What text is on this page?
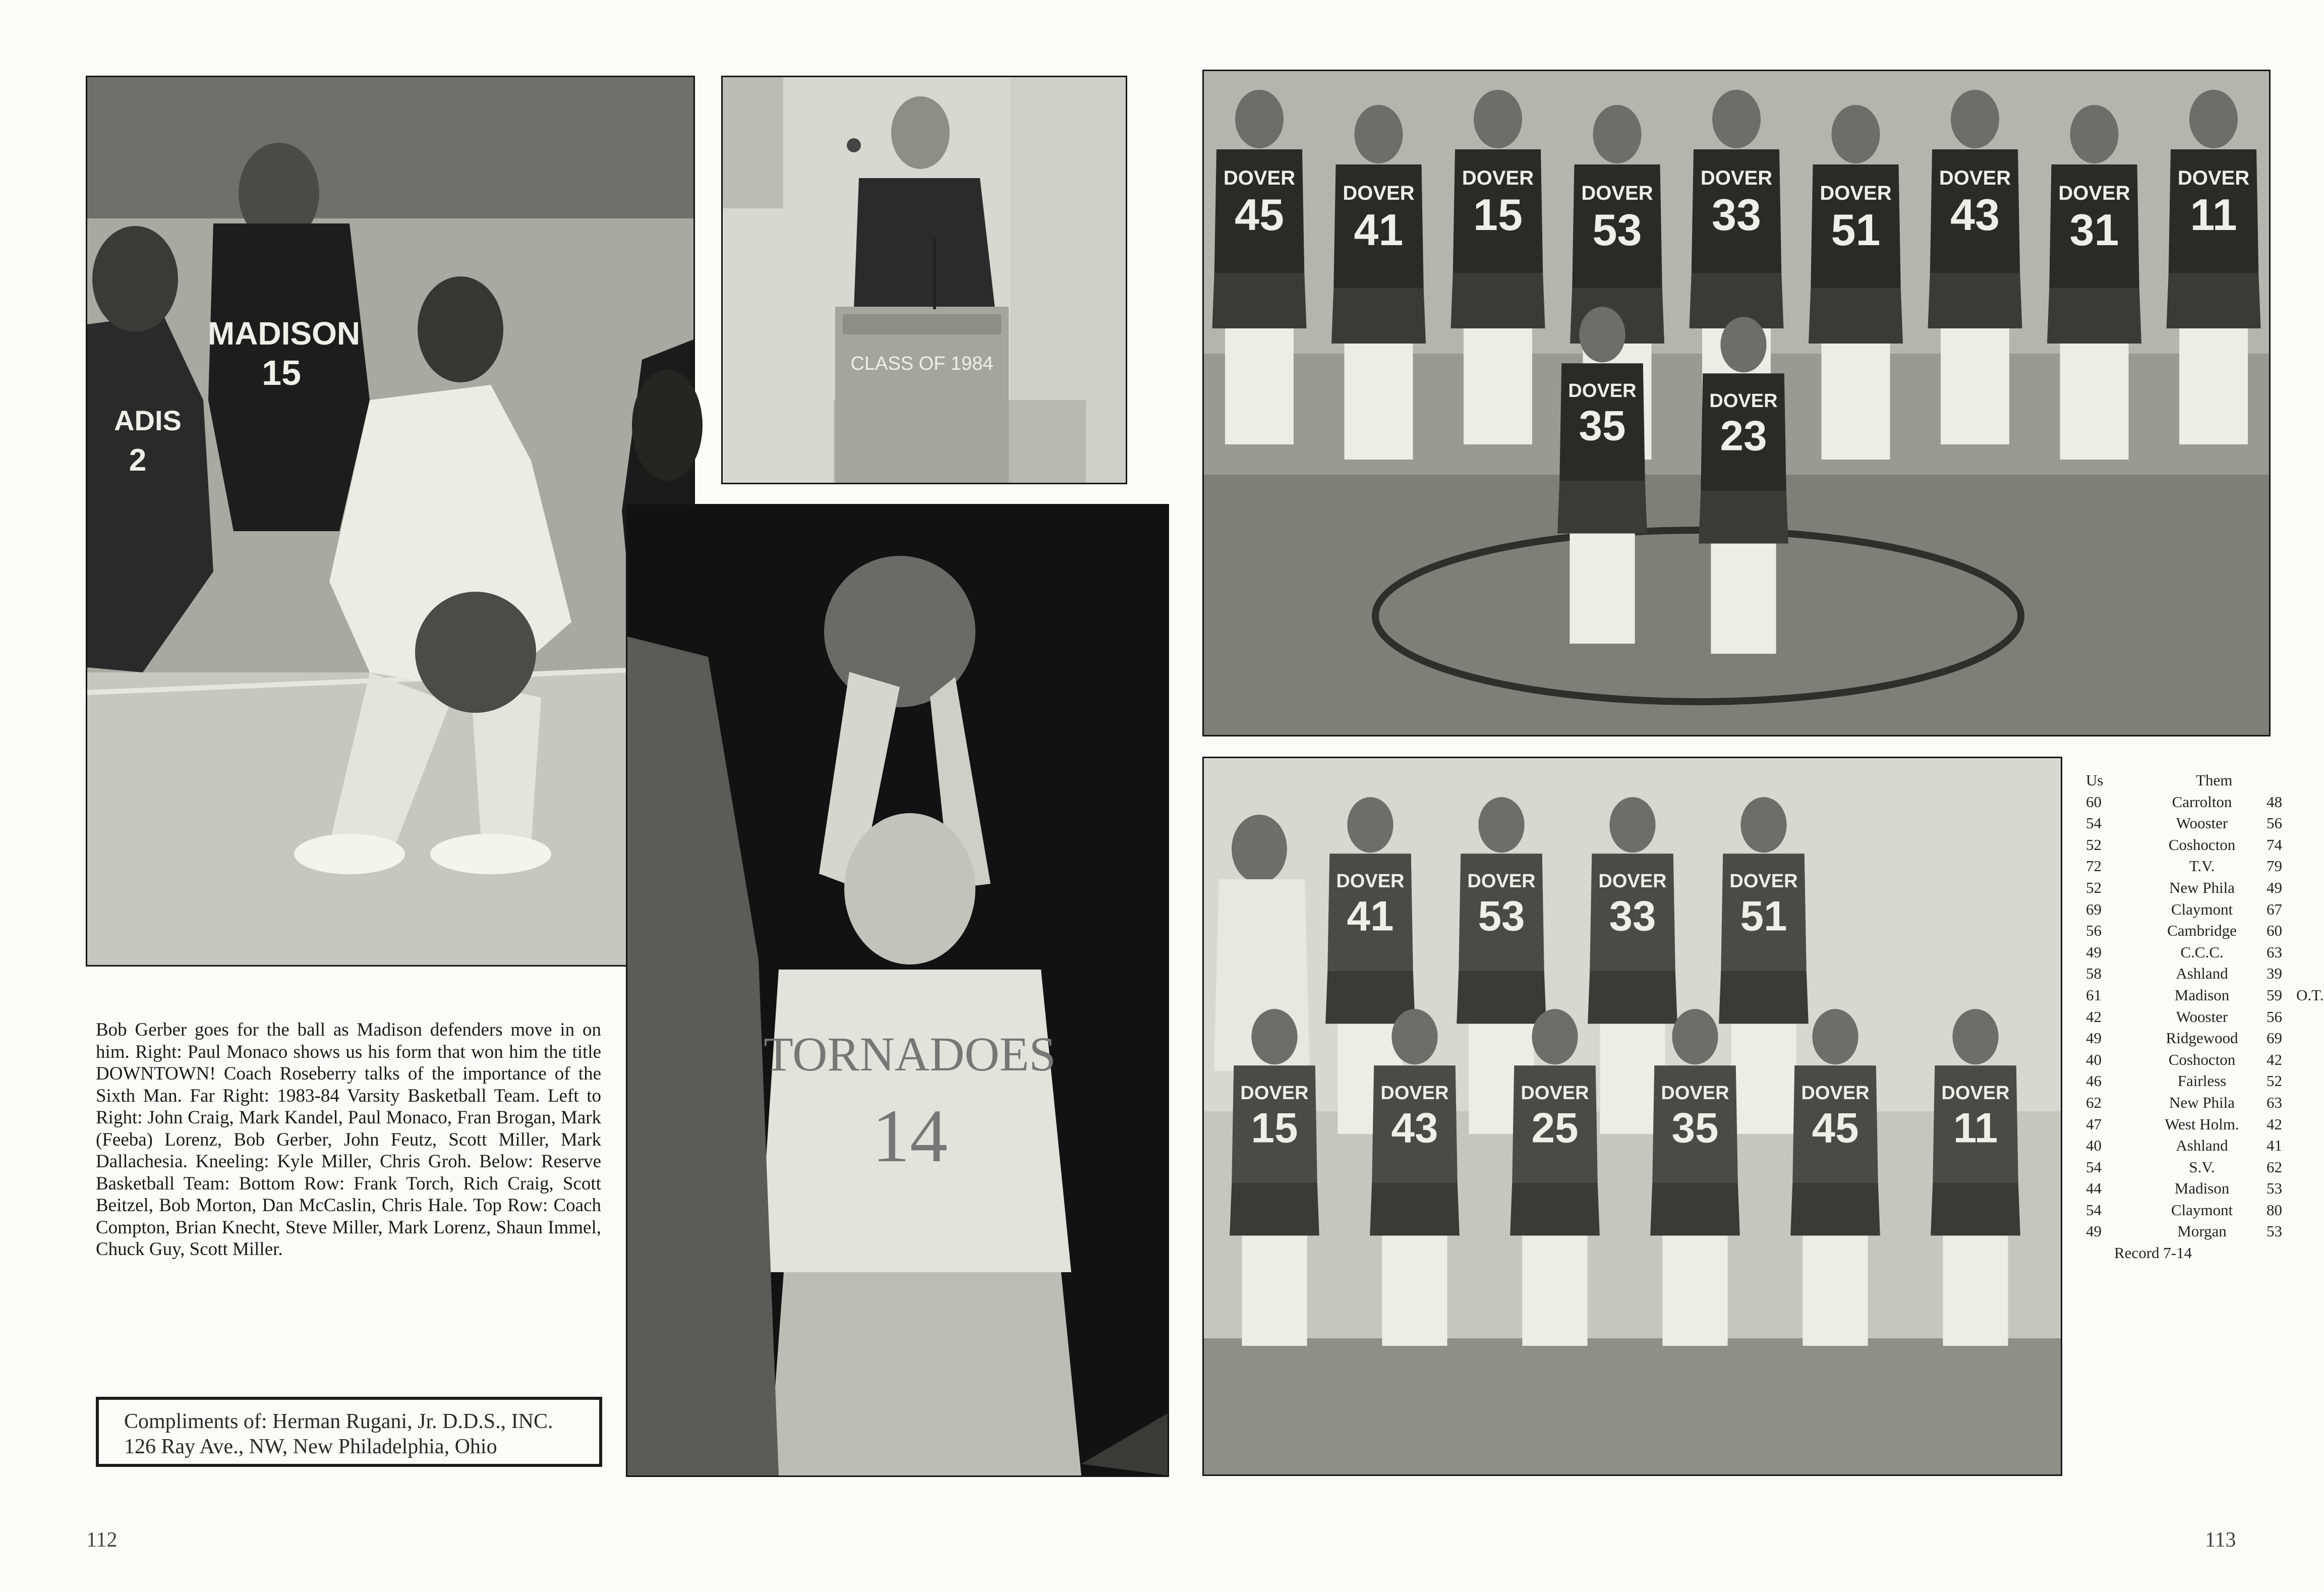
MADISON
15
ADIS
2
CLASS OF 1984
TORNADOES
14
DOVER
45	DOVER
41
DOVER
15	DOVER
53
DOVER
33	DOVER
51
DOVER
43	DOVER
31
DOVER
11
DOVER
35
DOVER
23
DOVER
41
DOVER
53
DOVER
33
DOVER
51
DOVER
15
DOVER
43
DOVER
25
DOVER
35
DOVER
45
DOVER
11
Bob Gerber goes for the ball as Madison defenders move in on him. Right: Paul Monaco shows us his form that won him the title DOWNTOWN! Coach Roseberry talks of the importance of the Sixth Man. Far Right: 1983-84 Varsity Basketball Team. Left to Right: John Craig, Mark Kandel, Paul Monaco, Fran Brogan, Mark (Feeba) Lorenz, Bob Gerber, John Feutz, Scott Miller, Mark Dallachesia. Kneeling: Kyle Miller, Chris Groh. Below: Reserve Basketball Team: Bottom Row: Frank Torch, Rich Craig, Scott Beitzel, Bob Morton, Dan McCaslin, Chris Hale. Top Row: Coach Compton, Brian Knecht, Steve Miller, Mark Lorenz, Shaun Immel, Chuck Guy, Scott Miller.
Compliments of: Herman Rugani, Jr. D.D.S., INC.
126 Ray Ave., NW, New Philadelphia, Ohio
112	113
Us	Them
60	Carrolton	48
54	Wooster	56
52	Coshocton	74
72	T.V.	79
52	New Phila	49
69	Claymont	67
56	Cambridge	60
49	C.C.C.	63
58	Ashland	39
61	Madison	59 O.T.
42	Wooster	56
49	Ridgewood	69
40	Coshocton	42
46	Fairless	52
62	New Phila	63
47	West Holm.	42
40	Ashland	41
54	S.V.	62
44	Madison	53
54	Claymont	80
49	Morgan	53
Record 7-14
